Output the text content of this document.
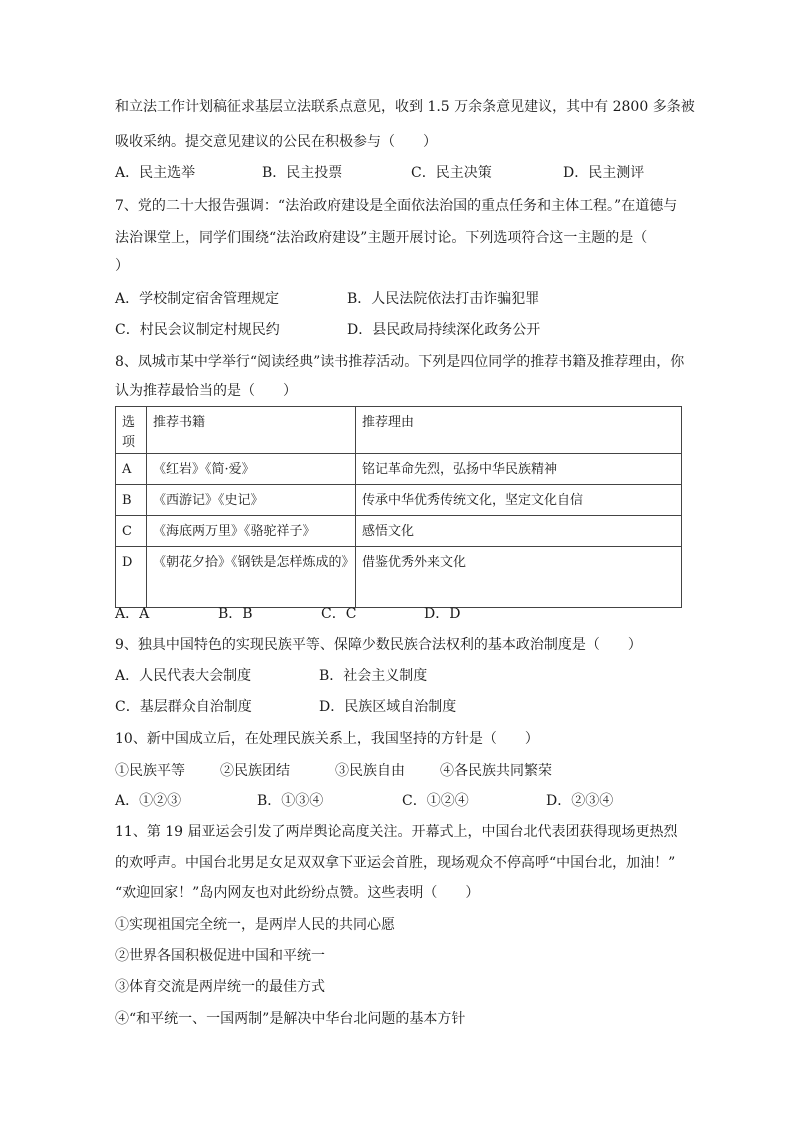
和立法工作计划稿征求基层立法联系点意见，收到 1.5 万余条意见建议，其中有 2800 多条被
吸收采纳。提交意见建议的公民在积极参与（　　）
A．民主选举	B．民主投票	C．民主决策	D．民主测评
7、党的二十大报告强调：“法治政府建设是全面依法治国的重点任务和主体工程。”在道德与
法治课堂上，同学们围绕“法治政府建设”主题开展讨论。下列选项符合这一主题的是（
）
A．学校制定宿舍管理规定	B．人民法院依法打击诈骗犯罪
C．村民会议制定村规民约	D．县民政局持续深化政务公开
8、凤城市某中学举行“阅读经典”读书推荐活动。下列是四位同学的推荐书籍及推荐理由，你
认为推荐最恰当的是（　　）
选项	推荐书籍	推荐理由
A	《红岩》《简·爱》	铭记革命先烈，弘扬中华民族精神
B	《西游记》《史记》	传承中华优秀传统文化，坚定文化自信
C	《海底两万里》《骆驼祥子》	感悟文化
D	《朝花夕拾》《钢铁是怎样炼成的》	借鉴优秀外来文化
A．A	B．B	C．C	D．D
9、独具中国特色的实现民族平等、保障少数民族合法权利的基本政治制度是（　　）
A．人民代表大会制度	B．社会主义制度
C．基层群众自治制度	D．民族区域自治制度
10、新中国成立后，在处理民族关系上，我国坚持的方针是（　　）
①民族平等	②民族团结	③民族自由	④各民族共同繁荣
A．①②③	B．①③④	C．①②④	D．②③④
11、第 19 届亚运会引发了两岸舆论高度关注。开幕式上，中国台北代表团获得现场更热烈
的欢呼声。中国台北男足女足双双拿下亚运会首胜，现场观众不停高呼“中国台北，加油！”
“欢迎回家！”岛内网友也对此纷纷点赞。这些表明（　　）
①实现祖国完全统一，是两岸人民的共同心愿
②世界各国积极促进中国和平统一
③体育交流是两岸统一的最佳方式
④“和平统一、一国两制”是解决中华台北问题的基本方针
